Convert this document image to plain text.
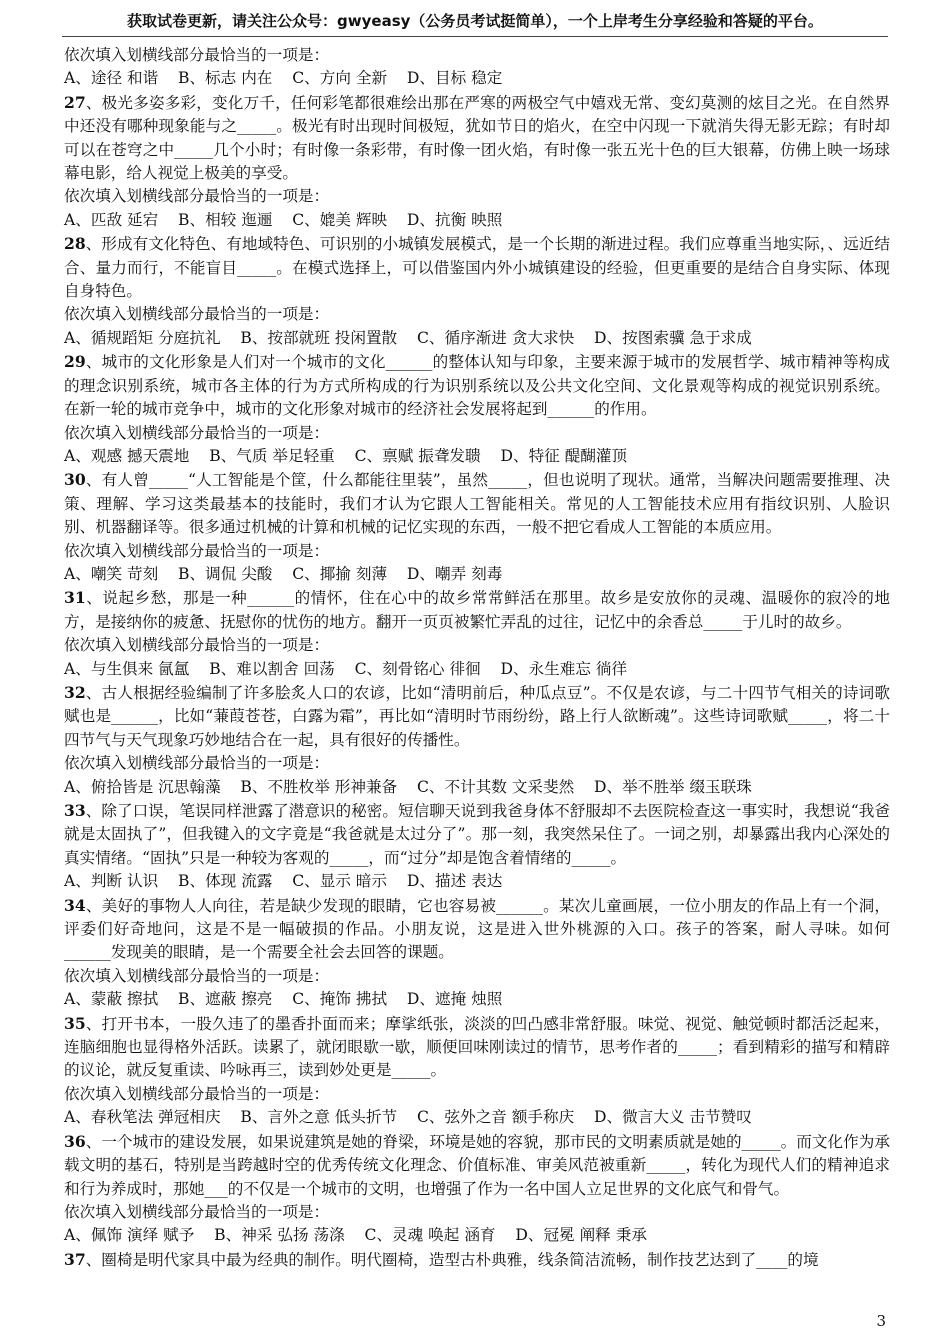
获取试卷更新，请关注公众号：gwyeasy（公务员考试挺简单），一个上岸考生分享经验和答疑的平台。

依次填入划横线部分最恰当的一项是：

A、途径 和谐    B、标志 内在    C、方向 全新    D、目标 稳定

27、极光多姿多彩，变化万千，任何彩笔都很难绘出那在严寒的两极空气中嬉戏无常、变幻莫测的炫目之光。在自然界中还没有哪种现象能与之_____。极光有时出现时间极短，犹如节日的焰火，在空中闪现一下就消失得无影无踪；有时却可以在苍穹之中_____几个小时；有时像一条彩带，有时像一团火焰，有时像一张五光十色的巨大银幕，仿佛上映一场球幕电影，给人视觉上极美的享受。

依次填入划横线部分最恰当的一项是：

A、匹敌 延宕    B、相较 迤逦    C、媲美 辉映    D、抗衡 映照

28、形成有文化特色、有地域特色、可识别的小城镇发展模式，是一个长期的渐进过程。我们应尊重当地实际，、远近结合、量力而行，不能盲目_____。在模式选择上，可以借鉴国内外小城镇建设的经验，但更重要的是结合自身实际、体现自身特色。

依次填入划横线部分最恰当的一项是：

A、循规蹈矩 分庭抗礼    B、按部就班 投闲置散    C、循序渐进 贪大求快    D、按图索骥 急于求成

29、城市的文化形象是人们对一个城市的文化______的整体认知与印象，主要来源于城市的发展哲学、城市精神等构成的理念识别系统，城市各主体的行为方式所构成的行为识别系统以及公共文化空间、文化景观等构成的视觉识别系统。在新一轮的城市竞争中，城市的文化形象对城市的经济社会发展将起到______的作用。

依次填入划横线部分最恰当的一项是：

A、观感 撼天震地    B、气质 举足轻重    C、禀赋 振聋发聩    D、特征 醍醐灌顶

30、有人曾_____“人工智能是个筐，什么都能往里装”，虽然_____，但也说明了现状。通常，当解决问题需要推理、决策、理解、学习这类最基本的技能时，我们才认为它跟人工智能相关。常见的人工智能技术应用有指纹识别、人脸识别、机器翻译等。很多通过机械的计算和机械的记忆实现的东西，一般不把它看成人工智能的本质应用。

依次填入划横线部分最恰当的一项是：

A、嘲笑 苛刻    B、调侃 尖酸    C、揶揄 刻薄    D、嘲弄 刻毒

31、说起乡愁，那是一种______的情怀，住在心中的故乡常常鲜活在那里。故乡是安放你的灵魂、温暖你的寂冷的地方，是接纳你的疲惫、抚慰你的忧伤的地方。翻开一页页被繁忙弄乱的过往，记忆中的余香总_____于儿时的故乡。

依次填入划横线部分最恰当的一项是：

A、与生俱来 氤氲    B、难以割舍 回荡    C、刻骨铭心 徘徊    D、永生难忘 徜徉

32、古人根据经验编制了许多脍炙人口的农谚，比如“清明前后，种瓜点豆”。不仅是农谚，与二十四节气相关的诗词歌赋也是______，比如“蒹葭苍苍，白露为霜”，再比如“清明时节雨纷纷，路上行人欲断魂”。这些诗词歌赋_____，将二十四节气与天气现象巧妙地结合在一起，具有很好的传播性。

依次填入划横线部分最恰当的一项是：

A、俯拾皆是 沉思翰藻    B、不胜枚举 形神兼备    C、不计其数 文采斐然    D、举不胜举 缀玉联珠

33、除了口误，笔误同样泄露了潜意识的秘密。短信聊天说到我爸身体不舒服却不去医院检查这一事实时，我想说“我爸就是太固执了”，但我键入的文字竟是“我爸就是太过分了”。那一刻，我突然呆住了。一词之别，却暴露出我内心深处的真实情绪。“固执”只是一种较为客观的_____，而“过分”却是饱含着情绪的_____。

A、判断 认识    B、体现 流露    C、显示 暗示    D、描述 表达

34、美好的事物人人向往，若是缺少发现的眼睛，它也容易被______。某次儿童画展，一位小朋友的作品上有一个洞，评委们好奇地问，这是不是一幅破损的作品。小朋友说，这是进入世外桃源的入口。孩子的答案，耐人寻味。如何______发现美的眼睛，是一个需要全社会去回答的课题。

依次填入划横线部分最恰当的一项是：

A、蒙蔽 擦拭    B、遮蔽 擦亮    C、掩饰 拂拭    D、遮掩 烛照

35、打开书本，一股久违了的墨香扑面而来；摩挲纸张，淡淡的凹凸感非常舒服。味觉、视觉、触觉顿时都活泛起来，连脑细胞也显得格外活跃。读累了，就闭眼歇一歇，顺便回味刚读过的情节，思考作者的_____；看到精彩的描写和精辟的议论，就反复重读、吟咏再三，读到妙处更是_____。

依次填入划横线部分最恰当的一项是：

A、春秋笔法 弹冠相庆    B、言外之意 低头折节    C、弦外之音 额手称庆    D、微言大义 击节赞叹

36、一个城市的建设发展，如果说建筑是她的脊梁，环境是她的容貌，那市民的文明素质就是她的_____。而文化作为承载文明的基石，特别是当跨越时空的优秀传统文化理念、价值标准、审美风范被重新_____，转化为现代人们的精神追求和行为养成时，那她___的不仅是一个城市的文明，也增强了作为一名中国人立足世界的文化底气和骨气。

依次填入划横线部分最恰当的一项是：

A、佩饰 演绎 赋予    B、神采 弘扬 荡涤    C、灵魂 唤起 涵育    D、冠冕 阐释 秉承

37、圈椅是明代家具中最为经典的制作。明代圈椅，造型古朴典雅，线条简洁流畅，制作技艺达到了____的境

3
